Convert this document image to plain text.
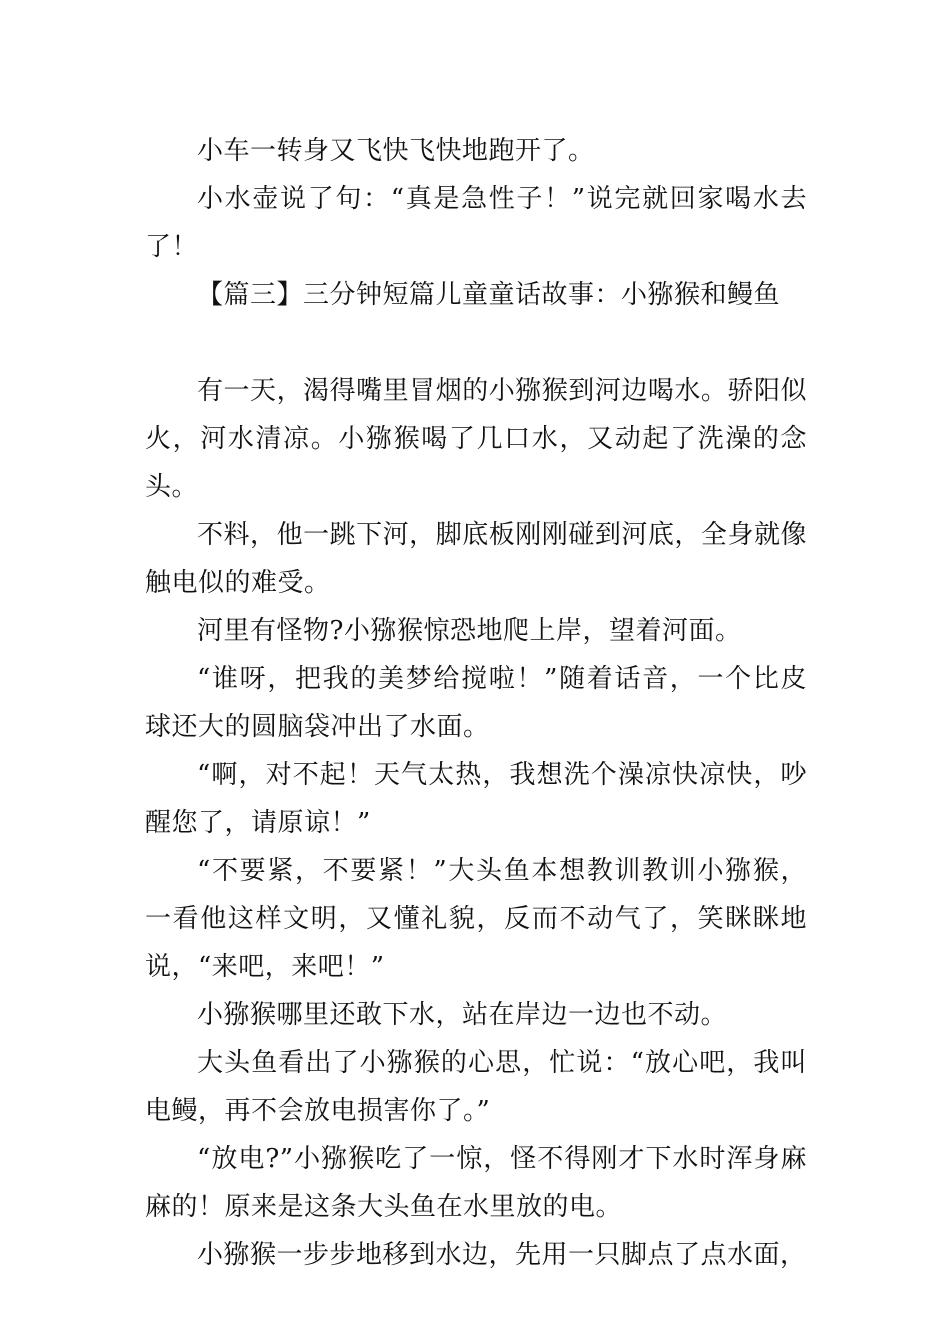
小车一转身又飞快飞快地跑开了。

小水壶说了句：“真是急性子！”说完就回家喝水去了！

【篇三】三分钟短篇儿童童话故事：小猕猴和鳗鱼

有一天，渴得嘴里冒烟的小猕猴到河边喝水。骄阳似火，河水清凉。小猕猴喝了几口水，又动起了洗澡的念头。

不料，他一跳下河，脚底板刚刚碰到河底，全身就像触电似的难受。

河里有怪物?小猕猴惊恐地爬上岸，望着河面。

“谁呀，把我的美梦给搅啦！”随着话音，一个比皮球还大的圆脑袋冲出了水面。

“啊，对不起！天气太热，我想洗个澡凉快凉快，吵醒您了，请原谅！”

“不要紧，不要紧！”大头鱼本想教训教训小猕猴，一看他这样文明，又懂礼貌，反而不动气了，笑眯眯地说，“来吧，来吧！”

小猕猴哪里还敢下水，站在岸边一边也不动。

大头鱼看出了小猕猴的心思，忙说：“放心吧，我叫电鳗，再不会放电损害你了。”

“放电?”小猕猴吃了一惊，怪不得刚才下水时浑身麻麻的！原来是这条大头鱼在水里放的电。

小猕猴一步步地移到水边，先用一只脚点了点水面，
